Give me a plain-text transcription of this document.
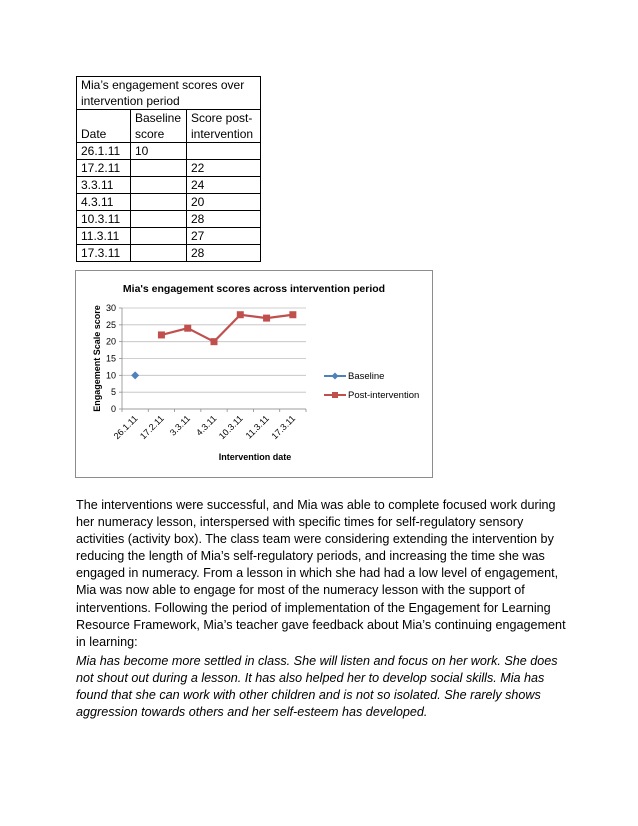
Mia’s engagement scores over intervention period		
Date	Baseline score	Score post-intervention
26.1.11	10	
17.2.11		22
3.3.11		24
4.3.11		20
10.3.11		28
11.3.11		27
17.3.11		28
Mia's engagement scores across intervention period
0
5
10
15
20
25
30
26.1.11
17.2.11 3.3.11 4.3.11
10.3.11
11.3.11
17.3.11
Intervention date
Engagement Scale score	Baseline
Post-intervention

The interventions were successful, and Mia was able to complete focused work during her numeracy lesson, interspersed with specific times for self-regulatory sensory activities (activity box). The class team were considering extending the intervention by reducing the length of Mia’s self-regulatory periods, and increasing the time she was engaged in numeracy. From a lesson in which she had had a low level of engagement, Mia was now able to engage for most of the numeracy lesson with the support of interventions. Following the period of implementation of the Engagement for Learning Resource Framework, Mia’s teacher gave feedback about Mia’s continuing engagement in learning:

Mia has become more settled in class. She will listen and focus on her work. She does not shout out during a lesson. It has also helped her to develop social skills. Mia has found that she can work with other children and is not so isolated. She rarely shows aggression towards others and her self-esteem has developed.
